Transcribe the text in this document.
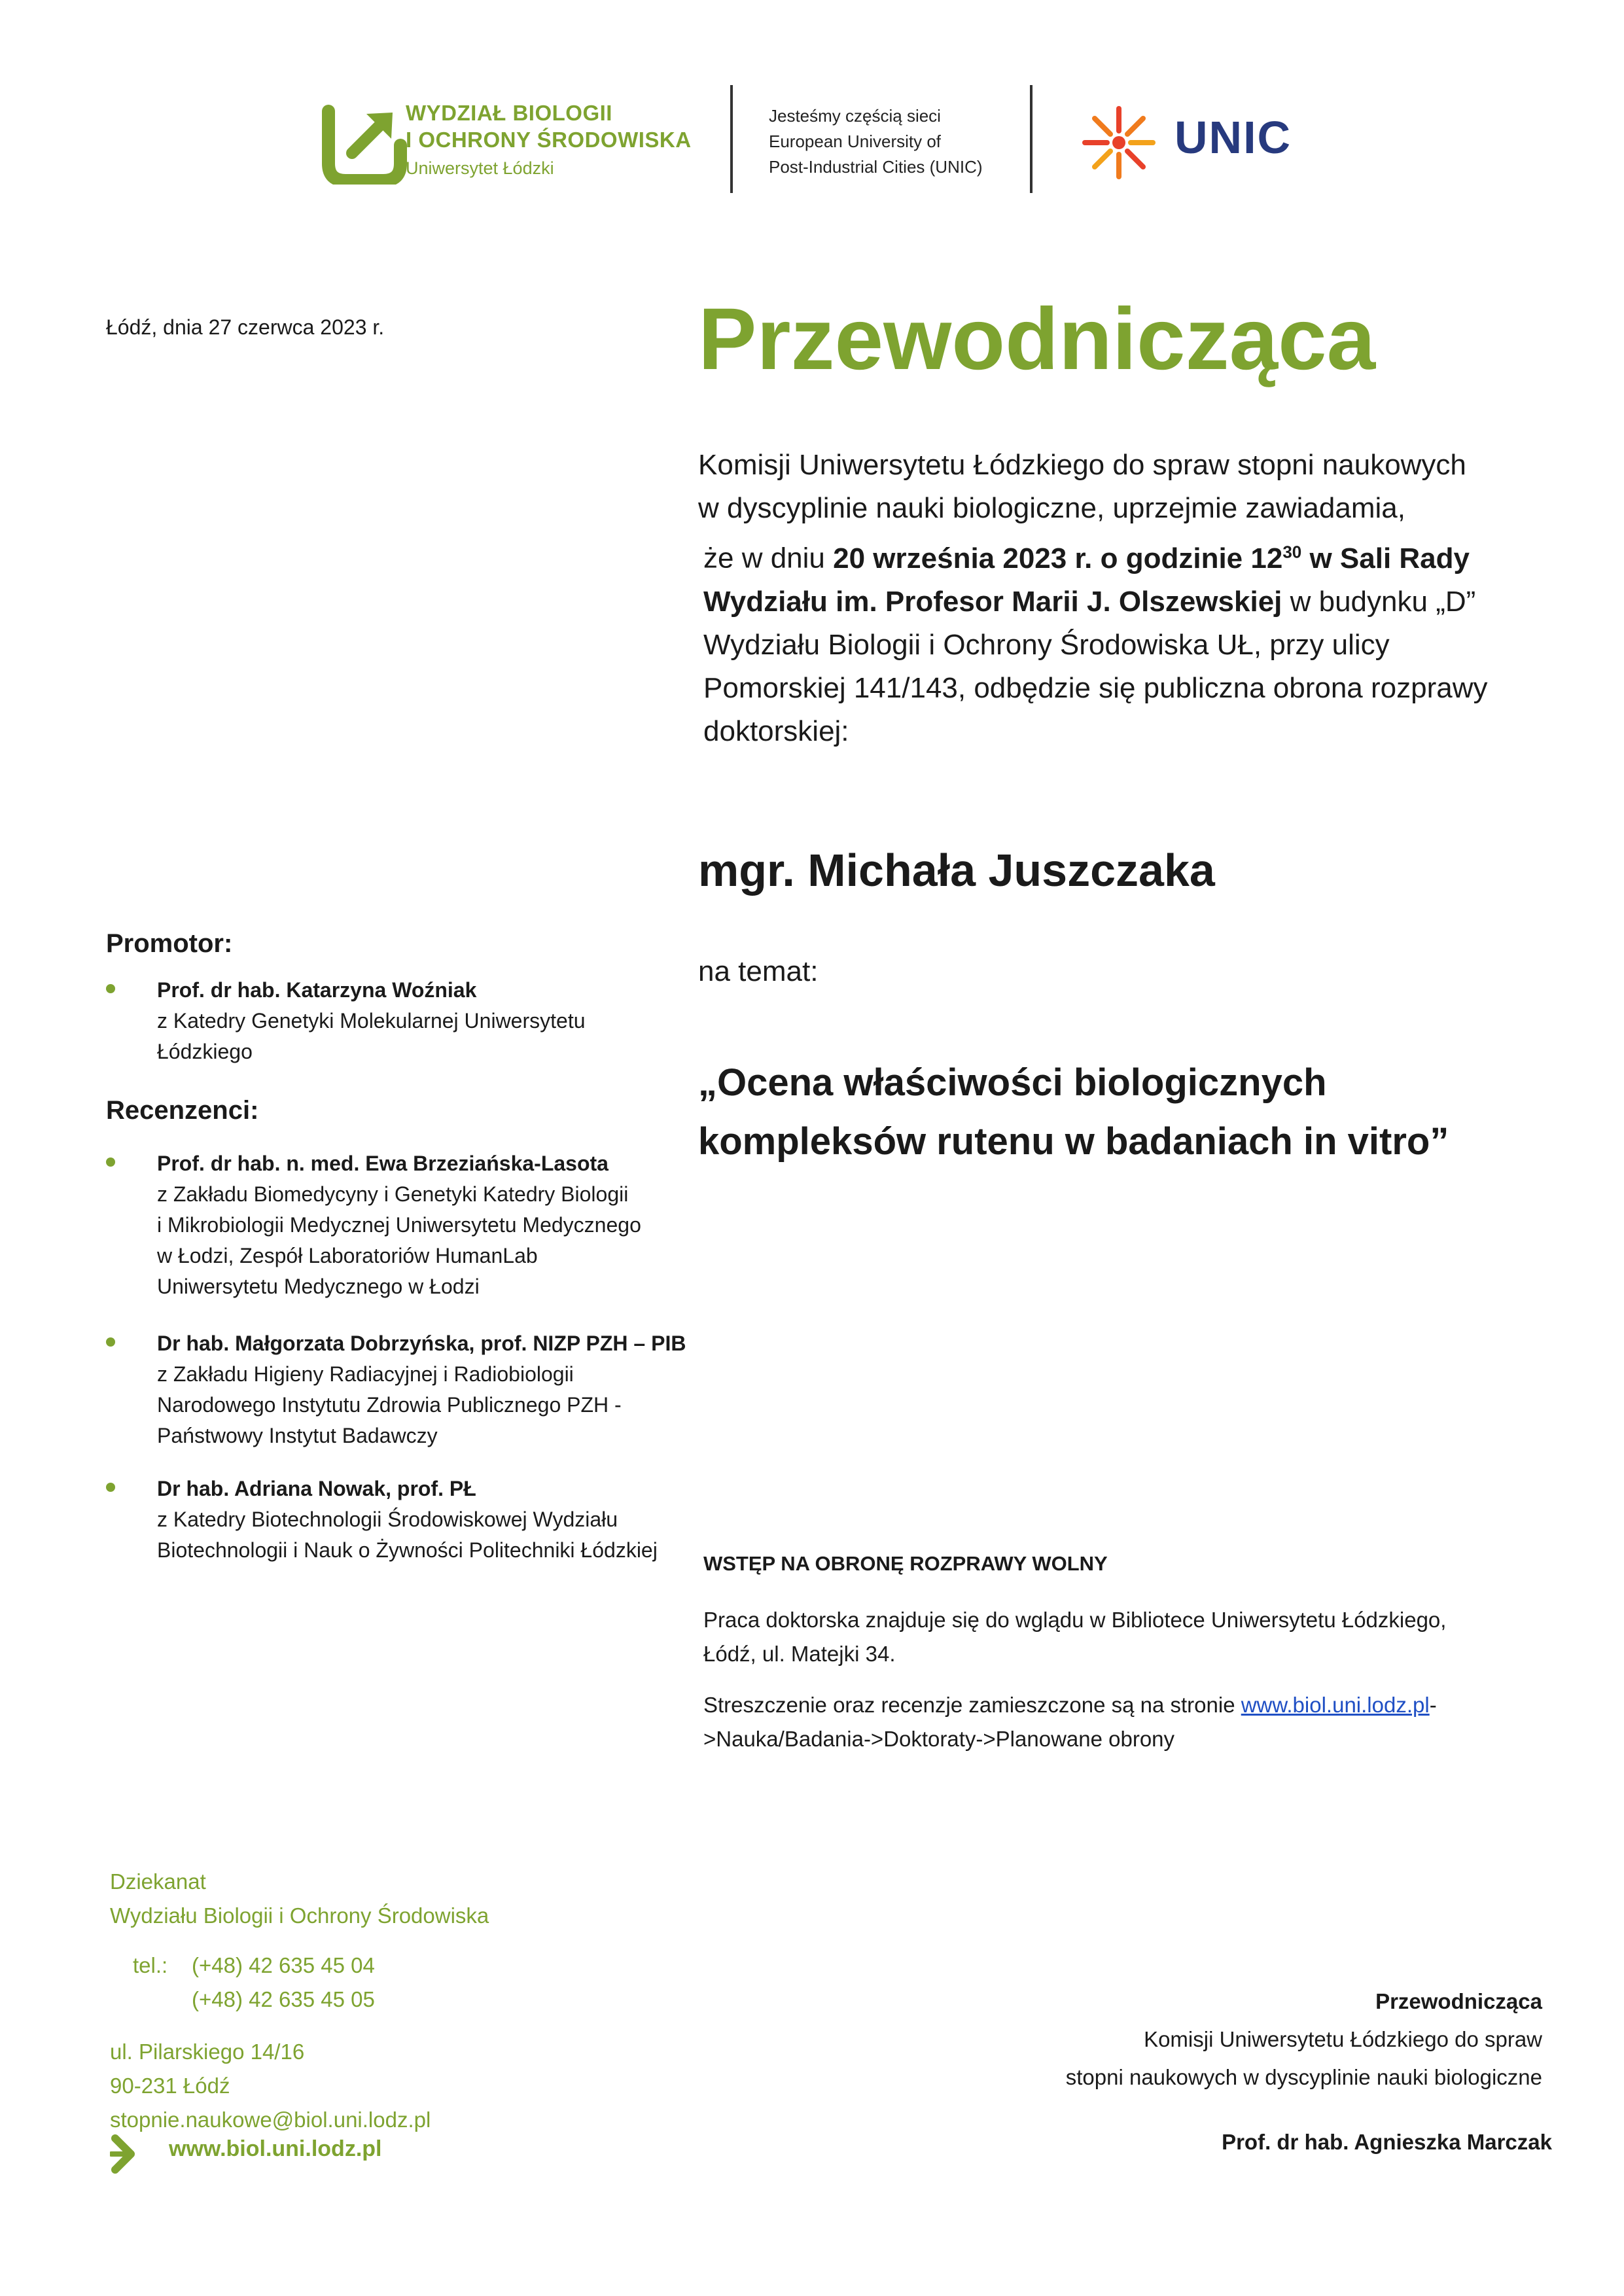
WYDZIAŁ BIOLOGII
I OCHRONY ŚRODOWISKA
Uniwersytet Łódzki
Jesteśmy częścią sieci
European University of
Post-Industrial Cities (UNIC)
UNIC
Łódź, dnia 27 czerwca 2023 r.	Przewodnicząca

Komisji Uniwersytetu Łódzkiego do spraw stopni naukowych

w dyscyplinie nauki biologiczne, uprzejmie zawiadamia,

że w dniu 20 września 2023 r. o godzinie $12^{30}$ w Sali Rady

Wydziału im. Profesor Marii J. Olszewskiej w budynku „D”

Wydziału Biologii i Ochrony Środowiska UŁ, przy ulicy

Pomorskiej 141/143, odbędzie się publiczna obrona rozprawy

doktorskiej:

mgr. Michała Juszczaka
na temat:
„Ocena właściwości biologicznych
kompleksów rutenu w badaniach in vitro”
Promotor:
Prof. dr hab. Katarzyna Woźniak
z Katedry Genetyki Molekularnej Uniwersytetu
Łódzkiego
Recenzenci:
Prof. dr hab. n. med. Ewa Brzeziańska-Lasota
z Zakładu Biomedycyny i Genetyki Katedry Biologii
i Mikrobiologii Medycznej Uniwersytetu Medycznego
w Łodzi, Zespół Laboratoriów HumanLab
Uniwersytetu Medycznego w Łodzi
Dr hab. Małgorzata Dobrzyńska, prof. NIZP PZH – PIB
z Zakładu Higieny Radiacyjnej i Radiobiologii
Narodowego Instytutu Zdrowia Publicznego PZH -
Państwowy Instytut Badawczy
Dr hab. Adriana Nowak, prof. PŁ
z Katedry Biotechnologii Środowiskowej Wydziału
Biotechnologii i Nauk o Żywności Politechniki Łódzkiej
WSTĘP NA OBRONĘ ROZPRAWY WOLNY
Praca doktorska znajduje się do wglądu w Bibliotece Uniwersytetu Łódzkiego,
Łódź, ul. Matejki 34.
Streszczenie oraz recenzje zamieszczone są na stronie www.biol.uni.lodz.pl-
>Nauka/Badania->Doktoraty->Planowane obrony
Dziekanat
Wydziału Biologii i Ochrony Środowiska
tel.: (+48) 42 635 45 04
(+48) 42 635 45 05
ul. Pilarskiego 14/16
90-231 Łódź
stopnie.naukowe@biol.uni.lodz.pl
www.biol.uni.lodz.pl
Przewodnicząca
Komisji Uniwersytetu Łódzkiego do spraw
stopni naukowych w dyscyplinie nauki biologiczne
Prof. dr hab. Agnieszka Marczak
